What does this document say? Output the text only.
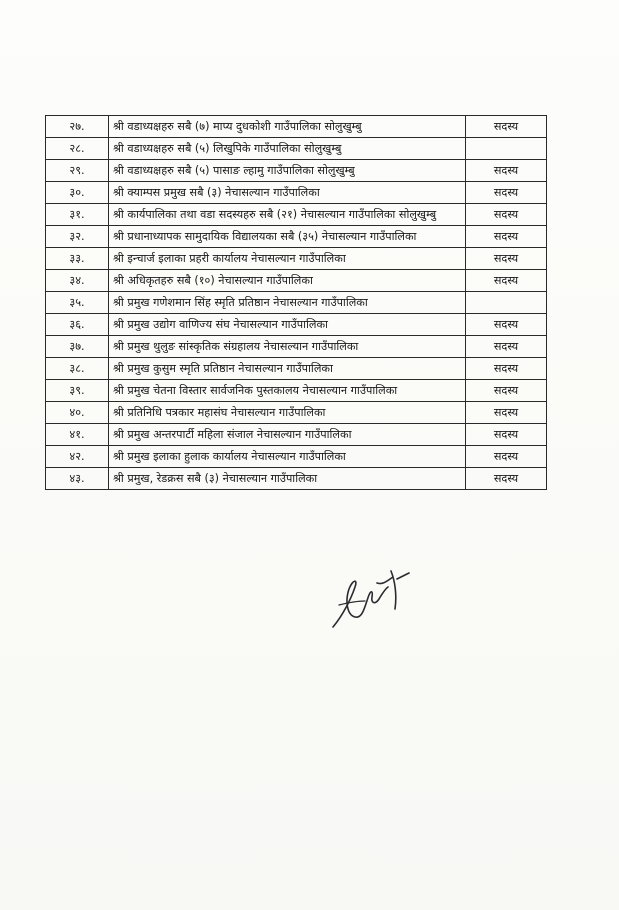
२७.	श्री वडाध्यक्षहरु सबै (७) माप्य दुधकोशी गाउँपालिका सोलुखुम्बु	सदस्य
२८.	श्री वडाध्यक्षहरु सबै (५) लिखुपिके गाउँपालिका सोलुखुम्बु	
२९.	श्री वडाध्यक्षहरु सबै (५) पासाङ ल्हामु गाउँपालिका सोलुखुम्बु	सदस्य
३०.	श्री क्याम्पस प्रमुख सबै (३) नेचासल्यान गाउँपालिका	सदस्य
३१.	श्री कार्यपालिका तथा वडा सदस्यहरु सबै (२१) नेचासल्यान गाउँपालिका सोलुखुम्बु	सदस्य
३२.	श्री प्रधानाध्यापक सामुदायिक विद्यालयका सबै (३५) नेचासल्यान गाउँपालिका	सदस्य
३३.	श्री इन्चार्ज इलाका प्रहरी कार्यालय नेचासल्यान गाउँपालिका	सदस्य
३४.	श्री अधिकृतहरु सबै (१०) नेचासल्यान गाउँपालिका	सदस्य
३५.	श्री प्रमुख गणेशमान सिंह स्मृति प्रतिष्ठान नेचासल्यान गाउँपालिका	
३६.	श्री प्रमुख उद्योग वाणिज्य संघ नेचासल्यान गाउँपालिका	सदस्य
३७.	श्री प्रमुख थुलुङ सांस्कृतिक संग्रहालय नेचासल्यान गाउँपालिका	सदस्य
३८.	श्री प्रमुख कुसुम स्मृति प्रतिष्ठान नेचासल्यान गाउँपालिका	सदस्य
३९.	श्री प्रमुख चेतना विस्तार सार्वजनिक पुस्तकालय नेचासल्यान गाउँपालिका	सदस्य
४०.	श्री प्रतिनिधि पत्रकार महासंघ नेचासल्यान गाउँपालिका	सदस्य
४१.	श्री प्रमुख अन्तरपार्टी महिला संजाल नेचासल्यान गाउँपालिका	सदस्य
४२.	श्री प्रमुख इलाका हुलाक कार्यालय नेचासल्यान गाउँपालिका	सदस्य
४३.	श्री प्रमुख, रेडक्रस सबै (३) नेचासल्यान गाउँपालिका	सदस्य
